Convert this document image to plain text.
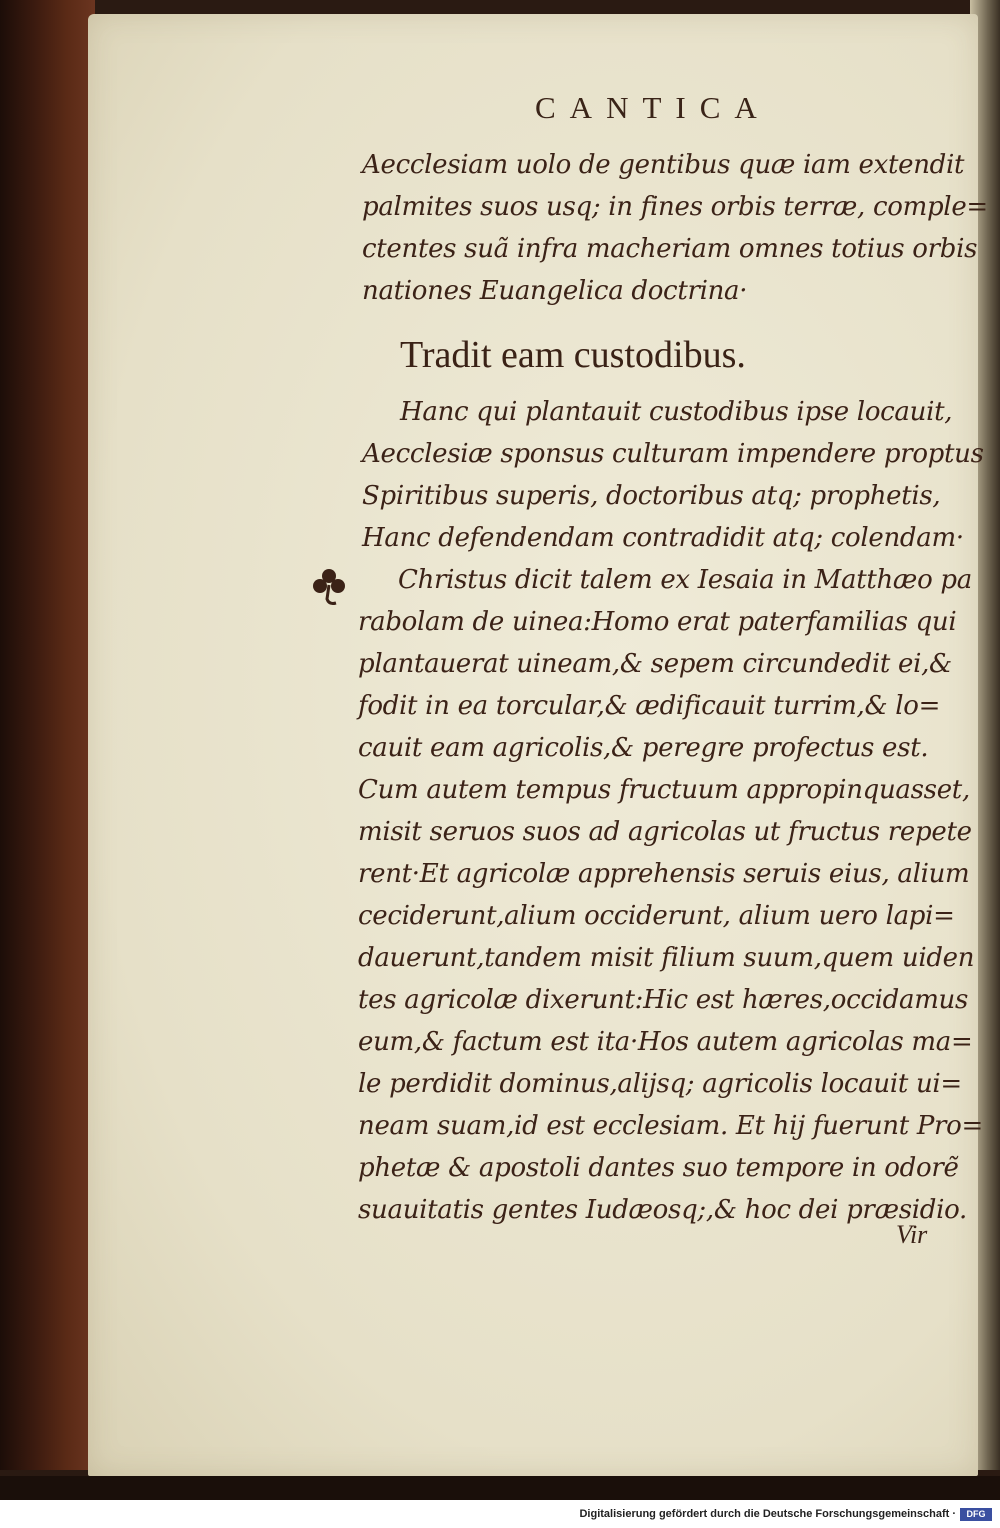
CANTICA
Aecclesiam uolo de gentibus quæ iam extendit
palmites suos usq; in fines orbis terræ, comple=
ctentes suã infra macheriam omnes totius orbis
nationes Euangelica doctrina·
Tradit eam custodibus.
Hanc qui plantauit custodibus ipse locauit,
Aecclesiæ sponsus culturam impendere proptus
Spiritibus superis, doctoribus atq; prophetis,
Hanc defendendam contradidit atq; colendam·
Christus dicit talem ex Iesaia in Matthæo pa
rabolam de uinea:Homo erat paterfamilias qui
plantauerat uineam,& sepem circundedit ei,&
fodit in ea torcular,& ædificauit turrim,& lo=
cauit eam agricolis,& peregre profectus est.
Cum autem tempus fructuum appropinquasset,
misit seruos suos ad agricolas ut fructus repete
rent·Et agricolæ apprehensis seruis eius, alium
ceciderunt,alium occiderunt, alium uero lapi=
dauerunt,tandem misit filium suum,quem uiden
tes agricolæ dixerunt:Hic est hæres,occidamus
eum,& factum est ita·Hos autem agricolas ma=
le perdidit dominus,alijsq; agricolis locauit ui=
neam suam,id est ecclesiam. Et hij fuerunt Pro=
phetæ & apostoli dantes suo tempore in odorẽ
suauitatis gentes Iudæosq;,& hoc dei præsidio.
Vir
Digitalisierung gefördert durch die Deutsche Forschungsgemeinschaft ·	DFG
